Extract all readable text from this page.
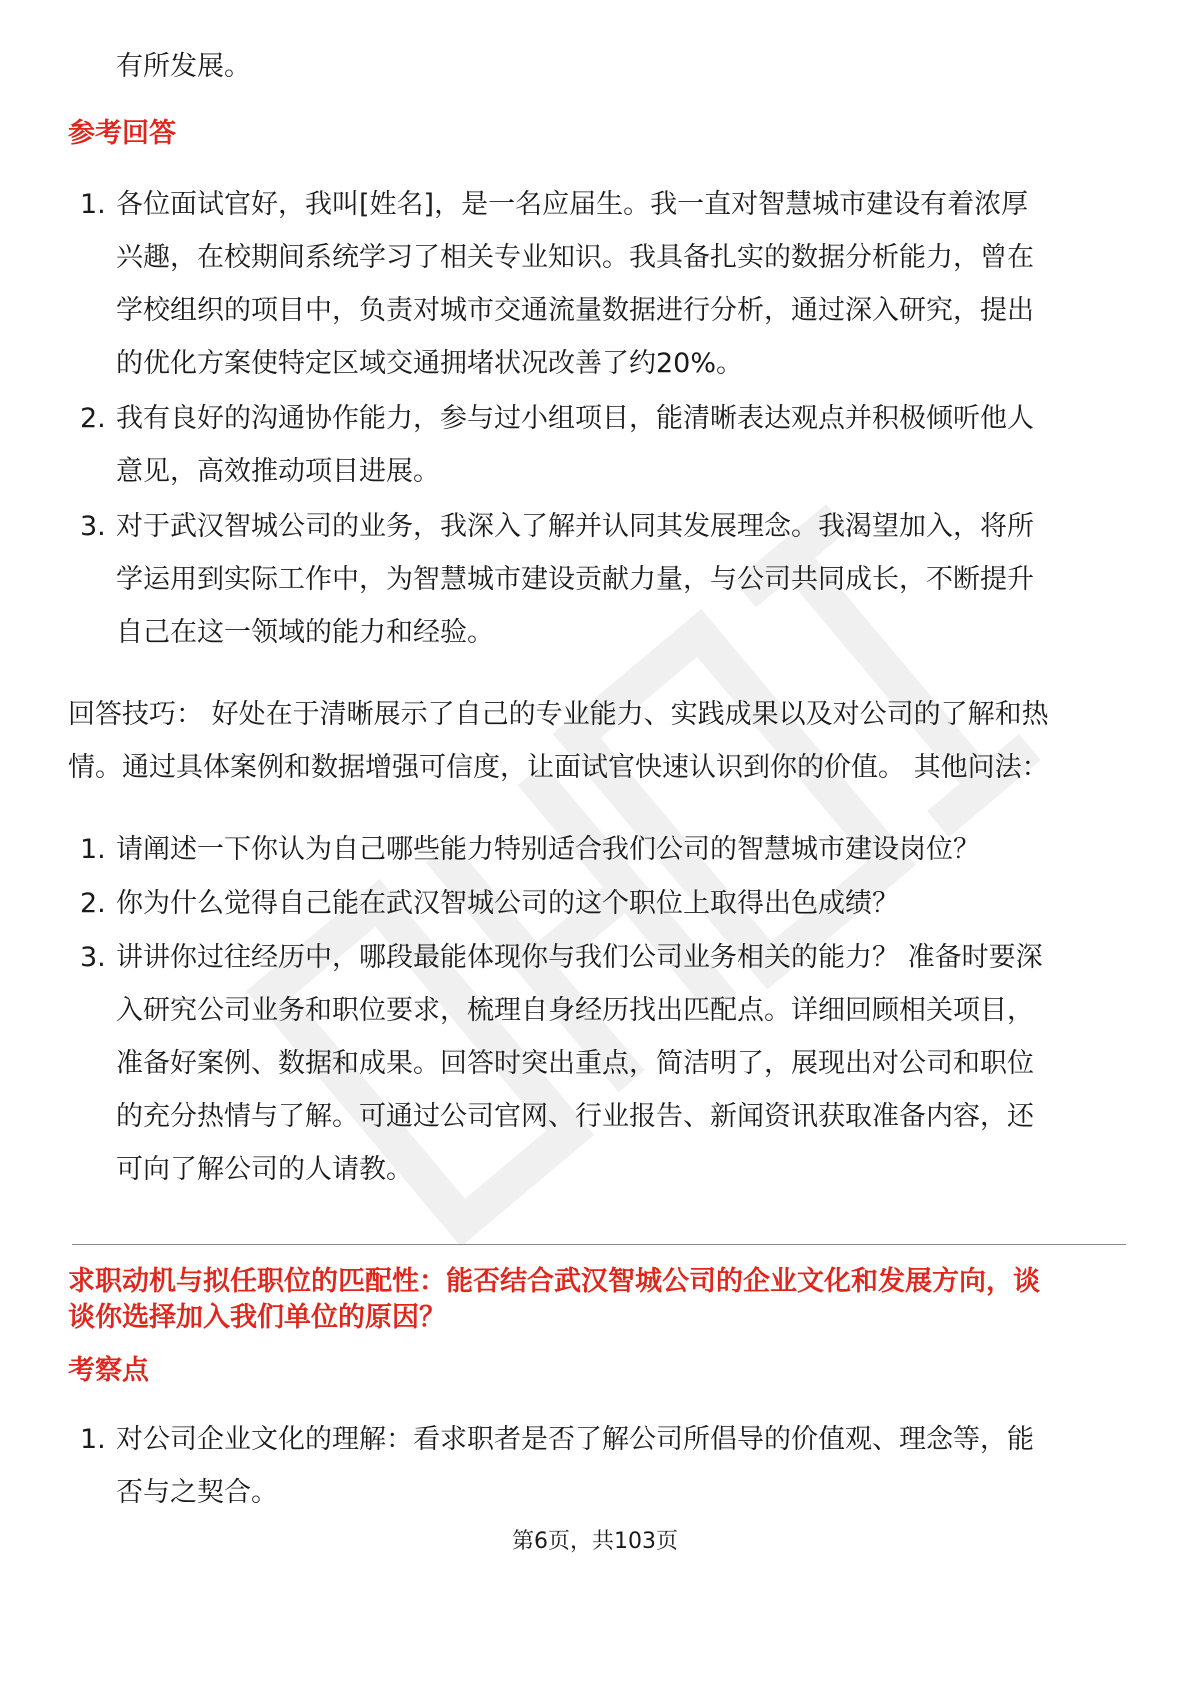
有所发展。
参考回答
1. 各位面试官好，我叫[姓名]，是一名应届生。我一直对智慧城市建设有着浓厚
兴趣，在校期间系统学习了相关专业知识。我具备扎实的数据分析能力，曾在
学校组织的项目中，负责对城市交通流量数据进行分析，通过深入研究，提出
的优化方案使特定区域交通拥堵状况改善了约20%。
2. 我有良好的沟通协作能力，参与过小组项目，能清晰表达观点并积极倾听他人
意见，高效推动项目进展。
3. 对于武汉智城公司的业务，我深入了解并认同其发展理念。我渴望加入，将所
学运用到实际工作中，为智慧城市建设贡献力量，与公司共同成长，不断提升
自己在这一领域的能力和经验。
回答技巧： 好处在于清晰展示了自己的专业能力、实践成果以及对公司的了解和热
情。通过具体案例和数据增强可信度，让面试官快速认识到你的价值。 其他问法：
1. 请阐述一下你认为自己哪些能力特别适合我们公司的智慧城市建设岗位？
2. 你为什么觉得自己能在武汉智城公司的这个职位上取得出色成绩？
3. 讲讲你过往经历中，哪段最能体现你与我们公司业务相关的能力？ 准备时要深
入研究公司业务和职位要求，梳理自身经历找出匹配点。详细回顾相关项目，
准备好案例、数据和成果。回答时突出重点，简洁明了，展现出对公司和职位
的充分热情与了解。可通过公司官网、行业报告、新闻资讯获取准备内容，还
可向了解公司的人请教。
求职动机与拟任职位的匹配性：能否结合武汉智城公司的企业文化和发展方向，谈
谈你选择加入我们单位的原因？
考察点
1. 对公司企业文化的理解：看求职者是否了解公司所倡导的价值观、理念等，能
否与之契合。
第6页，共103页
